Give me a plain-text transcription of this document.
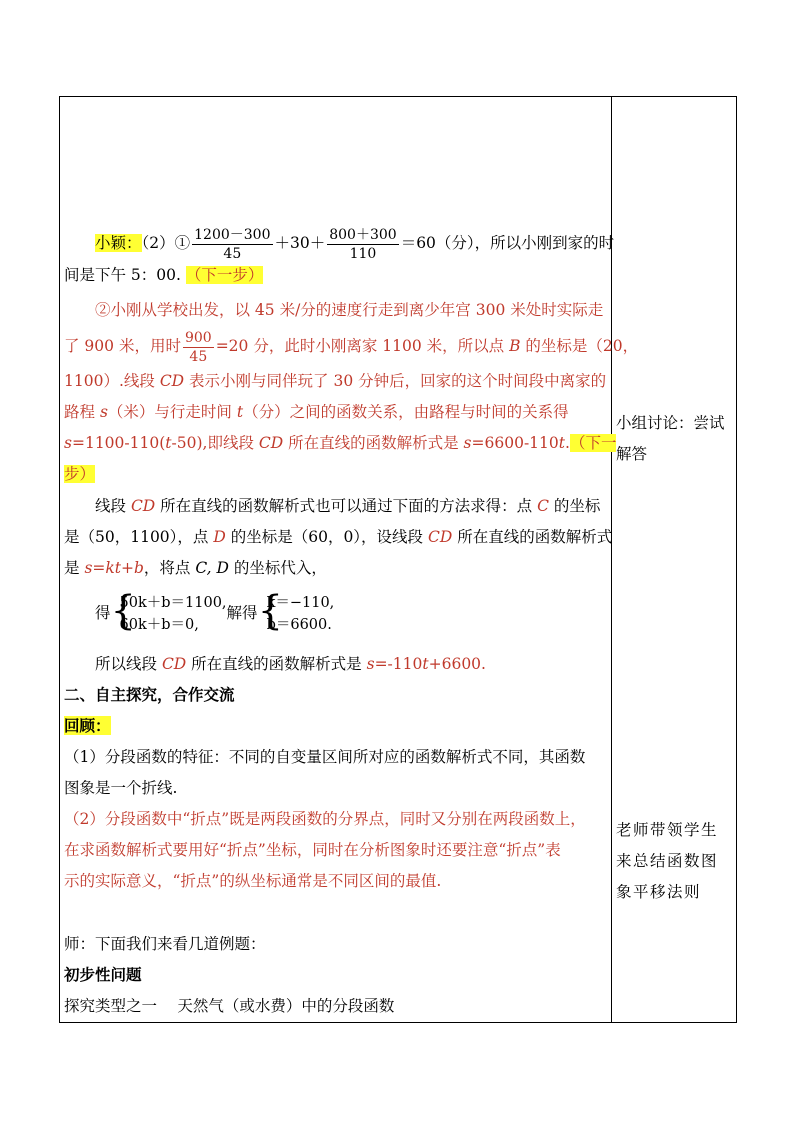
小颖：（2）① $\frac{1200-300}{45} +30+ \frac{800+300}{110} =60$（分），所以小刚到家的时
间是下午 5：00. （下一步）
②小刚从学校出发，以 45 米/分的速度行走到离少年宫 300 米处时实际走
了 900 米，用时 $\frac{900}{45} =20$ 分，此时小刚离家 1100 米，所以点 B 的坐标是（20，
1100）.线段 CD 表示小刚与同伴玩了 30 分钟后，回家的这个时间段中离家的
路程 s（米）与行走时间 t（分）之间的函数关系，由路程与时间的关系得
s=1100-110(t-50),即线段 CD 所在直线的函数解析式是 s=6600-110t.（下一
步）
线段 CD 所在直线的函数解析式也可以通过下面的方法求得：点 C 的坐标
是（50，1100），点 D 的坐标是（60，0），设线段 CD 所在直线的函数解析式
是 s=kt+b，将点 C, D 的坐标代入，
得 {
50k＋b＝1100,
60k＋b＝0,
解得 {
k＝−110,
b＝6600.
所以线段 CD 所在直线的函数解析式是 s=-110t+6600.
二、自主探究，合作交流
回顾：
（1）分段函数的特征：不同的自变量区间所对应的函数解析式不同，其函数
图象是一个折线.
（2）分段函数中“折点”既是两段函数的分界点，同时又分别在两段函数上，
在求函数解析式要用好“折点”坐标，同时在分析图象时还要注意“折点”表
示的实际意义，“折点”的纵坐标通常是不同区间的最值.
师：下面我们来看几道例题：
初步性问题
探究类型之一　 天然气（或水费）中的分段函数
小组讨论：尝试
解答
老师带领学生
来总结函数图
象平移法则
